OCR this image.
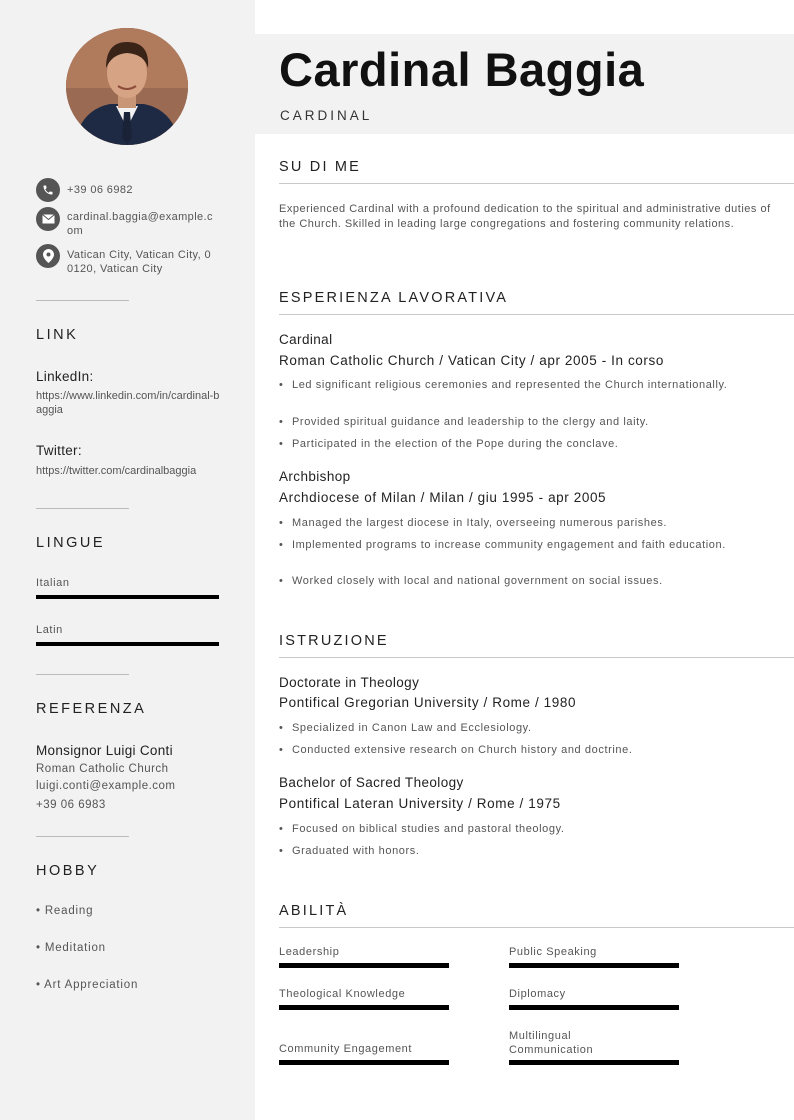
+39 06 6982
cardinal.baggia@example.com
Vatican City, Vatican City, 00120, Vatican City
LINK
LinkedIn:
https://www.linkedin.com/in/cardinal-baggia
Twitter:
https://twitter.com/cardinalbaggia
LINGUE
Italian
Latin
REFERENZA
Monsignor Luigi Conti
Roman Catholic Church
luigi.conti@example.com
+39 06 6983
HOBBY
• Reading
• Meditation
• Art Appreciation
Cardinal Baggia
CARDINAL
SU DI ME
Experienced Cardinal with a profound dedication to the spiritual and administrative duties of the Church. Skilled in leading large congregations and fostering community relations.
ESPERIENZA LAVORATIVA
Cardinal
Roman Catholic Church / Vatican City / apr 2005 - In corso
• Led significant religious ceremonies and represented the Church internationally.
• Provided spiritual guidance and leadership to the clergy and laity.
• Participated in the election of the Pope during the conclave.
Archbishop
Archdiocese of Milan / Milan / giu 1995 - apr 2005
• Managed the largest diocese in Italy, overseeing numerous parishes.
• Implemented programs to increase community engagement and faith education.
• Worked closely with local and national government on social issues.
ISTRUZIONE
Doctorate in Theology
Pontifical Gregorian University / Rome / 1980
• Specialized in Canon Law and Ecclesiology.
• Conducted extensive research on Church history and doctrine.
Bachelor of Sacred Theology
Pontifical Lateran University / Rome / 1975
• Focused on biblical studies and pastoral theology.
• Graduated with honors.
ABILITÀ
Leadership	Public Speaking
Theological Knowledge	Diplomacy
Community Engagement
Multilingual Communication
